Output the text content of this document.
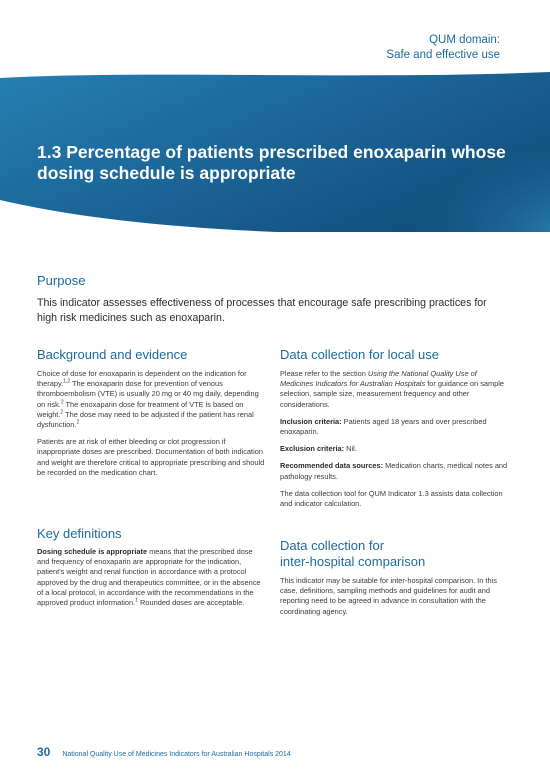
Antithrombotic therapy
QUM domain:
Safe and effective use
1.3 Percentage of patients prescribed enoxaparin whose dosing schedule is appropriate
Purpose
This indicator assesses effectiveness of processes that encourage safe prescribing practices for high risk medicines such as enoxaparin.
Background and evidence

Choice of dose for enoxaparin is dependent on the indication for therapy.$^{1,2}$ The enoxaparin dose for prevention of venous thromboembolism (VTE) is usually 20 mg or 40 mg daily, depending on risk.$^2$ The enoxaparin dose for treatment of VTE is based on weight.$^2$ The dose may need to be adjusted if the patient has renal dysfunction.$^2$

Patients are at risk of either bleeding or clot progression if inappropriate doses are prescribed. Documentation of both indication and weight are therefore critical to appropriate prescribing and should be recorded on the medication chart.

Key definitions

Dosing schedule is appropriate means that the prescribed dose and frequency of enoxaparin are appropriate for the indication, patient's weight and renal function in accordance with a protocol approved by the drug and therapeutics committee, or in the absence of a local protocol, in accordance with the recommendations in the approved product information.$^1$ Rounded doses are acceptable.

Data collection for local use

Please refer to the section Using the National Quality Use of Medicines Indicators for Australian Hospitals for guidance on sample selection, sample size, measurement frequency and other considerations.

Inclusion criteria: Patients aged 18 years and over prescribed enoxaparin.

Exclusion criteria: Nil.

Recommended data sources: Medication charts, medical notes and pathology results.

The data collection tool for QUM Indicator 1.3 assists data collection and indicator calculation.

Data collection for
inter-hospital comparison
This indicator may be suitable for inter-hospital comparison. In this case, definitions, sampling methods and guidelines for audit and reporting need to be agreed in advance in consultation with the coordinating agency.
30 National Quality Use of Medicines Indicators for Australian Hospitals 2014
